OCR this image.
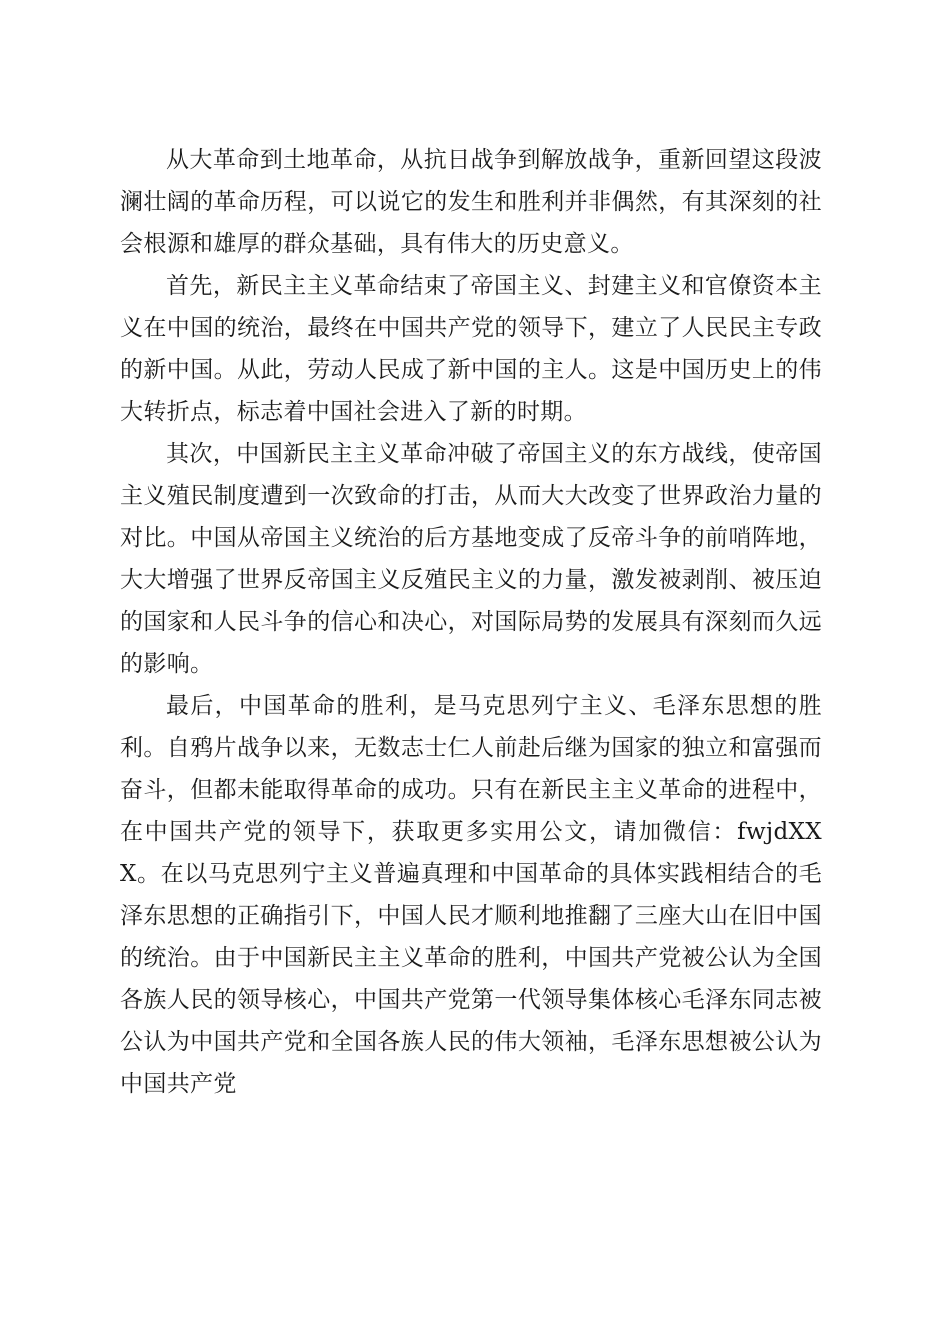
从大革命到土地革命，从抗日战争到解放战争，重新回望这段波澜壮阔的革命历程，可以说它的发生和胜利并非偶然，有其深刻的社会根源和雄厚的群众基础，具有伟大的历史意义。

首先，新民主主义革命结束了帝国主义、封建主义和官僚资本主义在中国的统治，最终在中国共产党的领导下，建立了人民民主专政的新中国。从此，劳动人民成了新中国的主人。这是中国历史上的伟大转折点，标志着中国社会进入了新的时期。

其次，中国新民主主义革命冲破了帝国主义的东方战线，使帝国主义殖民制度遭到一次致命的打击，从而大大改变了世界政治力量的对比。中国从帝国主义统治的后方基地变成了反帝斗争的前哨阵地，大大增强了世界反帝国主义反殖民主义的力量，激发被剥削、被压迫的国家和人民斗争的信心和决心，对国际局势的发展具有深刻而久远的影响。

最后，中国革命的胜利，是马克思列宁主义、毛泽东思想的胜利。自鸦片战争以来，无数志士仁人前赴后继为国家的独立和富强而奋斗，但都未能取得革命的成功。只有在新民主主义革命的进程中，在中国共产党的领导下，获取更多实用公文，请加微信：fwjdXXX。在以马克思列宁主义普遍真理和中国革命的具体实践相结合的毛泽东思想的正确指引下，中国人民才顺利地推翻了三座大山在旧中国的统治。由于中国新民主主义革命的胜利，中国共产党被公认为全国各族人民的领导核心，中国共产党第一代领导集体核心毛泽东同志被公认为中国共产党和全国各族人民的伟大领袖，毛泽东思想被公认为中国共产党
